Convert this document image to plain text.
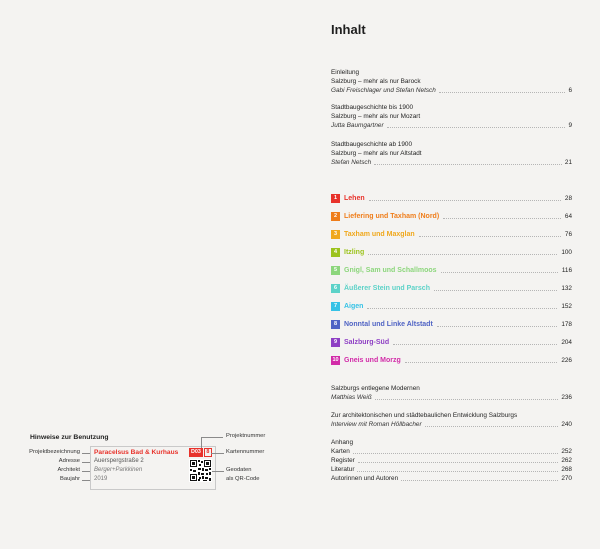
Inhalt
Einleitung
Salzburg – mehr als nur Barock
Gabi Freischlager und Stefan Netsch	6
Stadtbaugeschichte bis 1900
Salzburg – mehr als nur Mozart
Jutta Baumgartner	9
Stadtbaugeschichte ab 1900
Salzburg – mehr als nur Altstadt
Stefan Netsch	21
1 Lehen	28
2 Liefering und Taxham (Nord)	64
3 Taxham und Maxglan	76
4 Itzling	100
5 Gnigl, Sam und Schallmoos	116
6 Äußerer Stein und Parsch	132
7 Aigen	152
8 Nonntal und Linke Altstadt	178
9 Salzburg-Süd	204
10 Gneis und Morzg	226
Salzburgs entlegene Modernen
Matthias Weiß	236
Zur architektonischen und städtebaulichen Entwicklung Salzburgs
Interview mit Roman Höllbacher	240
Anhang
Karten	252
Register	262
Literatur	268
Autorinnen und Autoren	270
Hinweise zur Benutzung
Projektbezeichnung
Adresse
Architekt
Baujahr
Paracelsus Bad & Kurhaus
Auerspergstraße 2
Berger+Parkkinen
2019
D03	8
Projektnummer
Kartennummer
Geodaten
als QR-Code
